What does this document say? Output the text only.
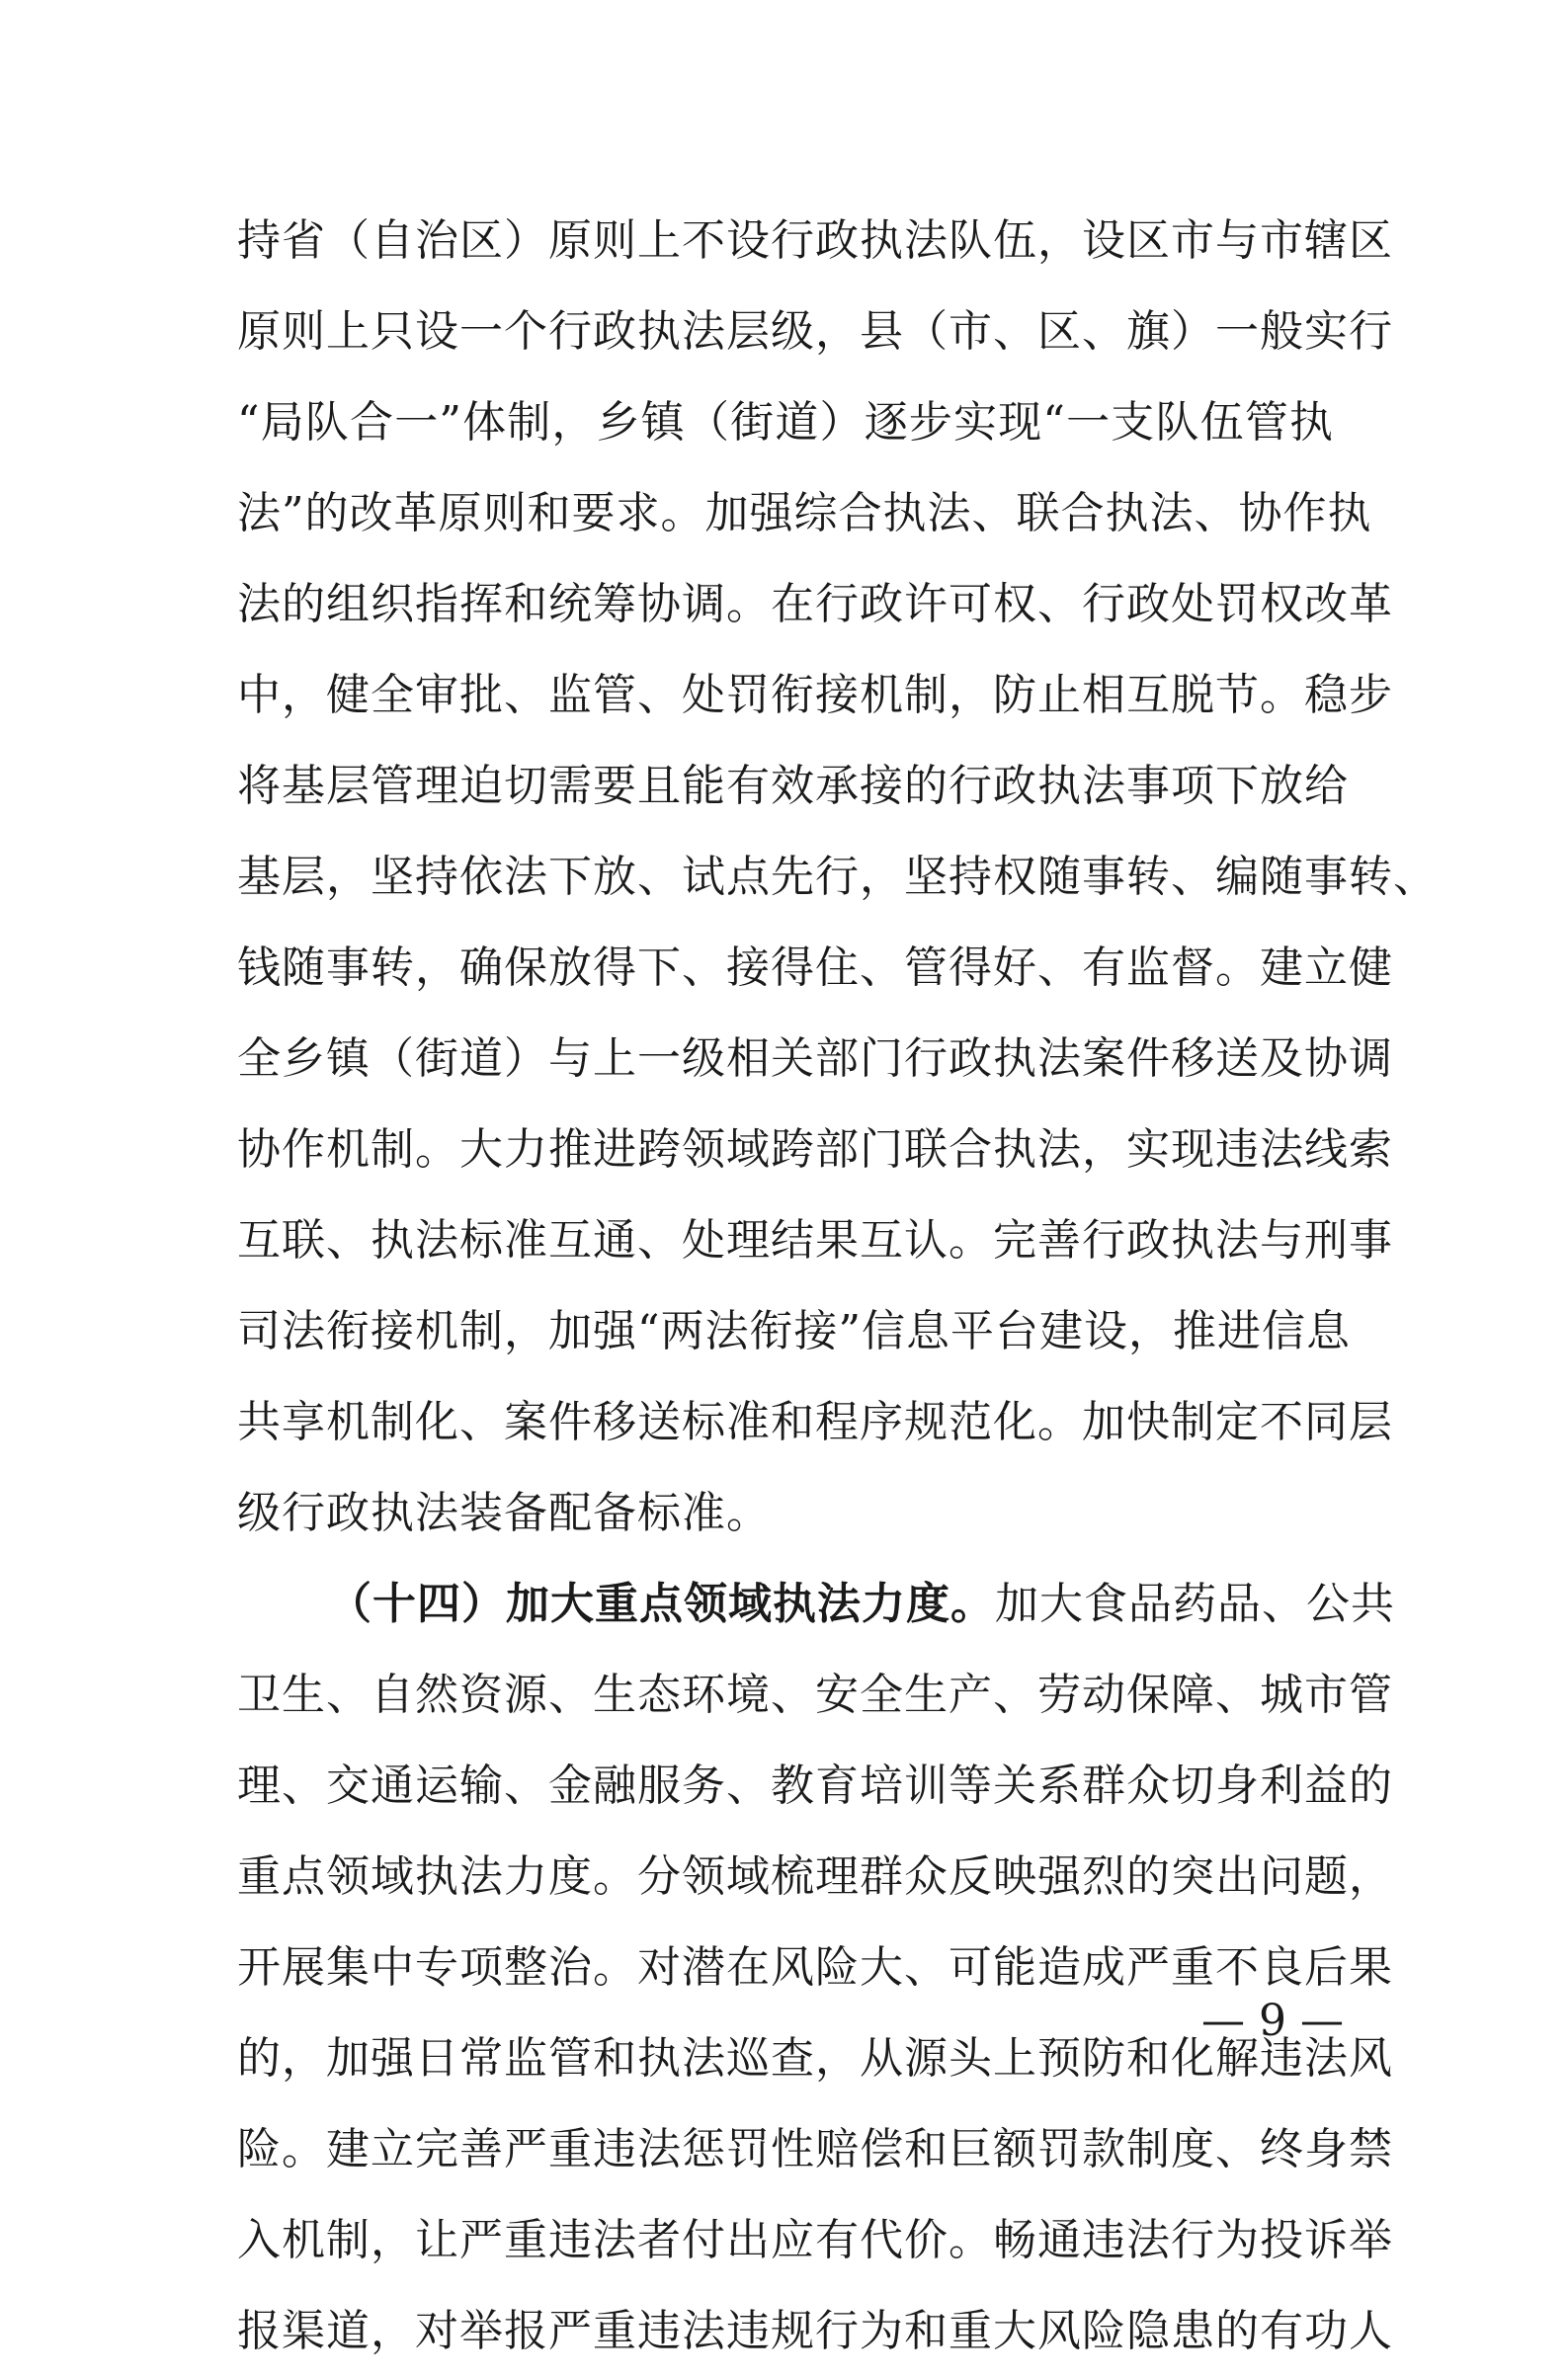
持省（自治区）原则上不设行政执法队伍，设区市与市辖区
原则上只设一个行政执法层级，县（市、区、旗）一般实行
“局队合一”体制，乡镇（街道）逐步实现“一支队伍管执
法”的改革原则和要求。加强综合执法、联合执法、协作执
法的组织指挥和统筹协调。在行政许可权、行政处罚权改革
中，健全审批、监管、处罚衔接机制，防止相互脱节。稳步
将基层管理迫切需要且能有效承接的行政执法事项下放给
基层，坚持依法下放、试点先行，坚持权随事转、编随事转、
钱随事转，确保放得下、接得住、管得好、有监督。建立健
全乡镇（街道）与上一级相关部门行政执法案件移送及协调
协作机制。大力推进跨领域跨部门联合执法，实现违法线索
互联、执法标准互通、处理结果互认。完善行政执法与刑事
司法衔接机制，加强“两法衔接”信息平台建设，推进信息
共享机制化、案件移送标准和程序规范化。加快制定不同层
级行政执法装备配备标准。
（十四）加大重点领域执法力度。加大食品药品、公共
卫生、自然资源、生态环境、安全生产、劳动保障、城市管
理、交通运输、金融服务、教育培训等关系群众切身利益的
重点领域执法力度。分领域梳理群众反映强烈的突出问题，
开展集中专项整治。对潜在风险大、可能造成严重不良后果
的，加强日常监管和执法巡查，从源头上预防和化解违法风
险。建立完善严重违法惩罚性赔偿和巨额罚款制度、终身禁
入机制，让严重违法者付出应有代价。畅通违法行为投诉举
报渠道，对举报严重违法违规行为和重大风险隐患的有功人
— 9 —
